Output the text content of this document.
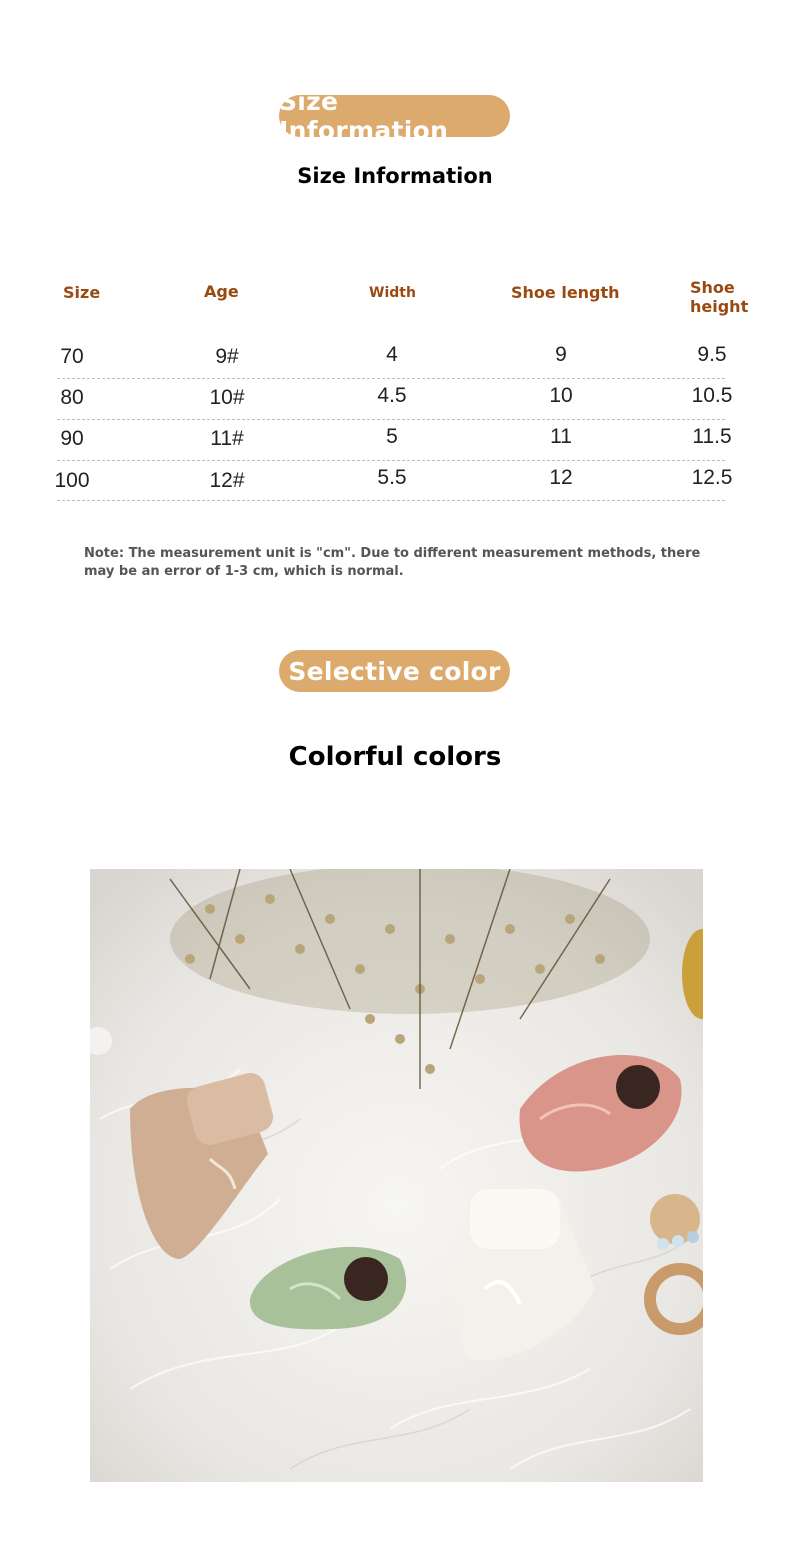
Size Information
Size Information
Size	Age	Width	Shoe length	Shoe height
70	9#	4	9	9.5
80	10#	4.5	10	10.5
90	11#	5	11	11.5
100	12#	5.5	12	12.5
Note: The measurement unit is "cm". Due to different measurement methods, there may be an error of 1-3 cm, which is normal.
Selective color
Colorful colors
